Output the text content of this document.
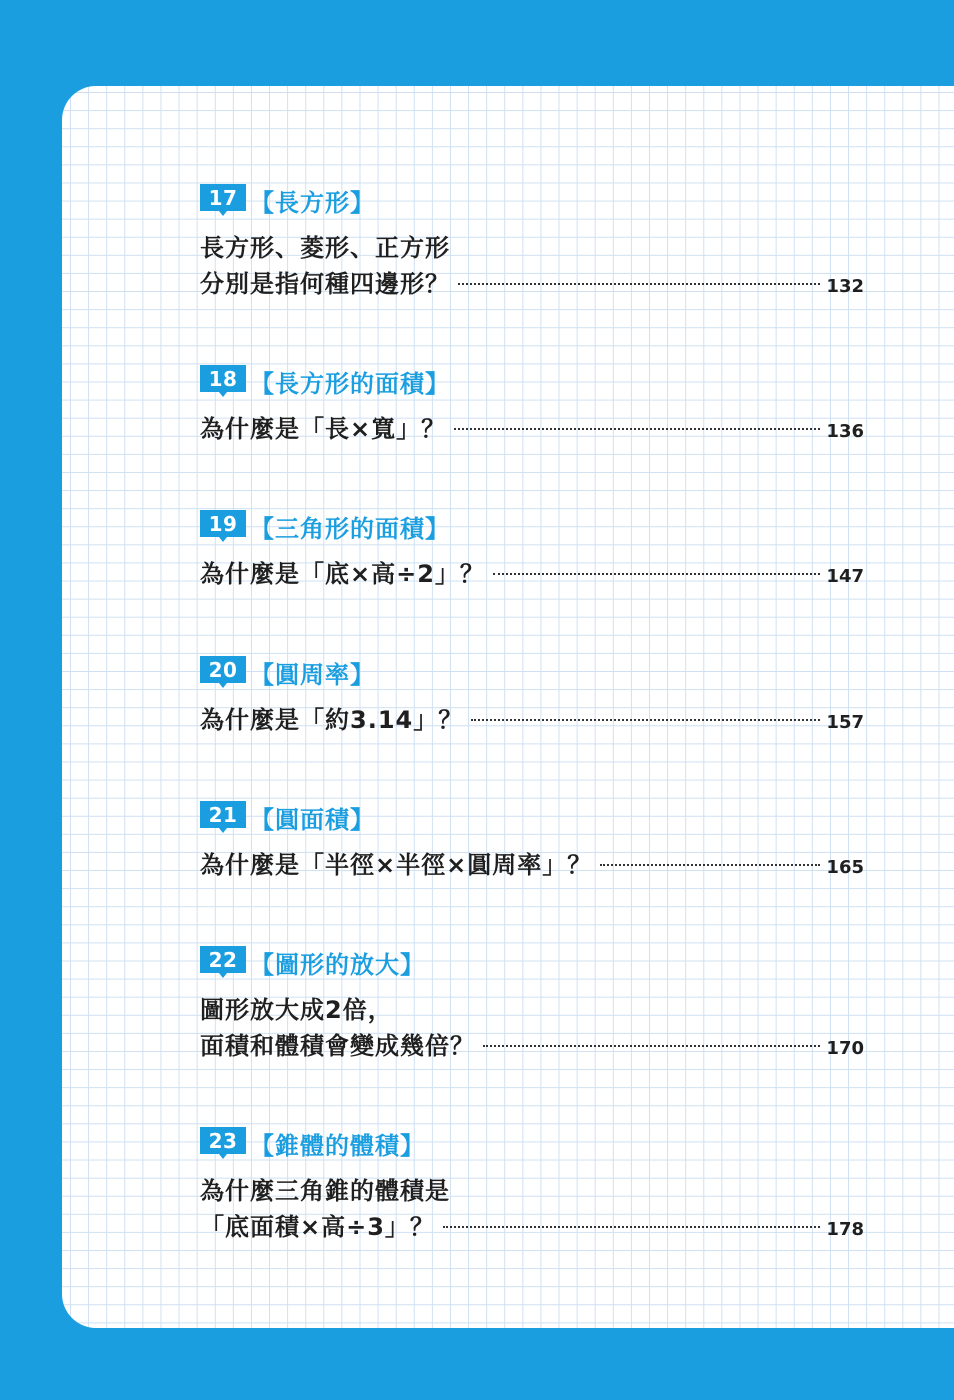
17 【長方形】
長方形、菱形、正方形
分別是指何種四邊形？	132
18 【長方形的面積】
為什麼是「長×寬」？	136
19 【三角形的面積】
為什麼是「底×高÷2」？	147
20 【圓周率】
為什麼是「約3.14」？	157
21 【圓面積】
為什麼是「半徑×半徑×圓周率」？	165
22 【圖形的放大】
圖形放大成2倍，
面積和體積會變成幾倍？	170
23 【錐體的體積】
為什麼三角錐的體積是
「底面積×高÷3」？	178
